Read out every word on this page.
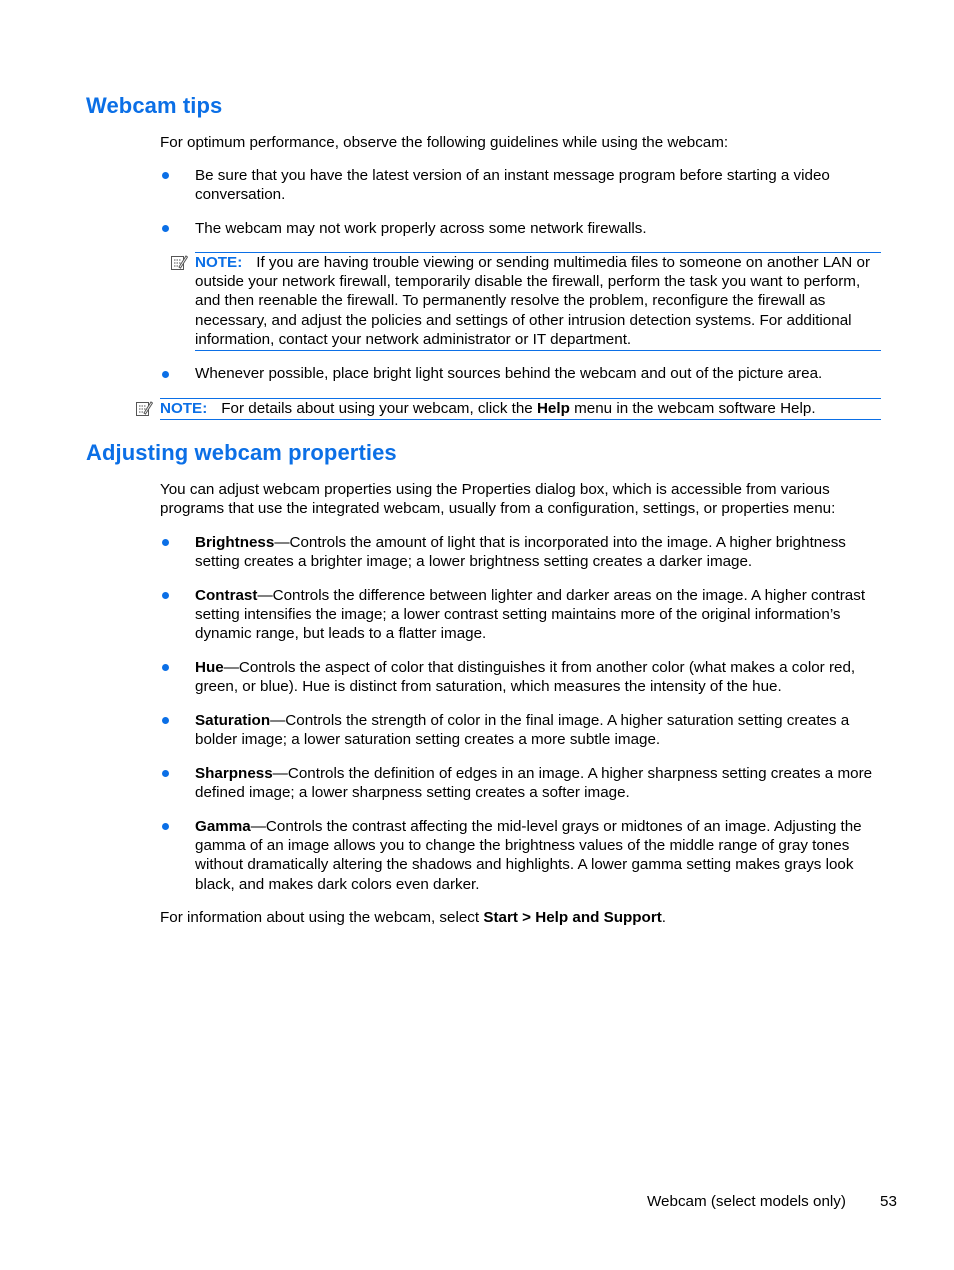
Webcam tips

For optimum performance, observe the following guidelines while using the webcam:

Be sure that you have the latest version of an instant message program before starting a video conversation.

The webcam may not work properly across some network firewalls.

NOTE: If you are having trouble viewing or sending multimedia files to someone on another LAN or outside your network firewall, temporarily disable the firewall, perform the task you want to perform, and then reenable the firewall. To permanently resolve the problem, reconfigure the firewall as necessary, and adjust the policies and settings of other intrusion detection systems. For additional information, contact your network administrator or IT department.

Whenever possible, place bright light sources behind the webcam and out of the picture area.

NOTE: For details about using your webcam, click the Help menu in the webcam software Help.
Adjusting webcam properties

You can adjust webcam properties using the Properties dialog box, which is accessible from various programs that use the integrated webcam, usually from a configuration, settings, or properties menu:

Brightness—Controls the amount of light that is incorporated into the image. A higher brightness setting creates a brighter image; a lower brightness setting creates a darker image.

Contrast—Controls the difference between lighter and darker areas on the image. A higher contrast setting intensifies the image; a lower contrast setting maintains more of the original information’s dynamic range, but leads to a flatter image.

Hue—Controls the aspect of color that distinguishes it from another color (what makes a color red, green, or blue). Hue is distinct from saturation, which measures the intensity of the hue.

Saturation—Controls the strength of color in the final image. A higher saturation setting creates a bolder image; a lower saturation setting creates a more subtle image.

Sharpness—Controls the definition of edges in an image. A higher sharpness setting creates a more defined image; a lower sharpness setting creates a softer image.

Gamma—Controls the contrast affecting the mid-level grays or midtones of an image. Adjusting the gamma of an image allows you to change the brightness values of the middle range of gray tones without dramatically altering the shadows and highlights. A lower gamma setting makes grays look black, and makes dark colors even darker.

For information about using the webcam, select Start > Help and Support.

Webcam (select models only) 53
